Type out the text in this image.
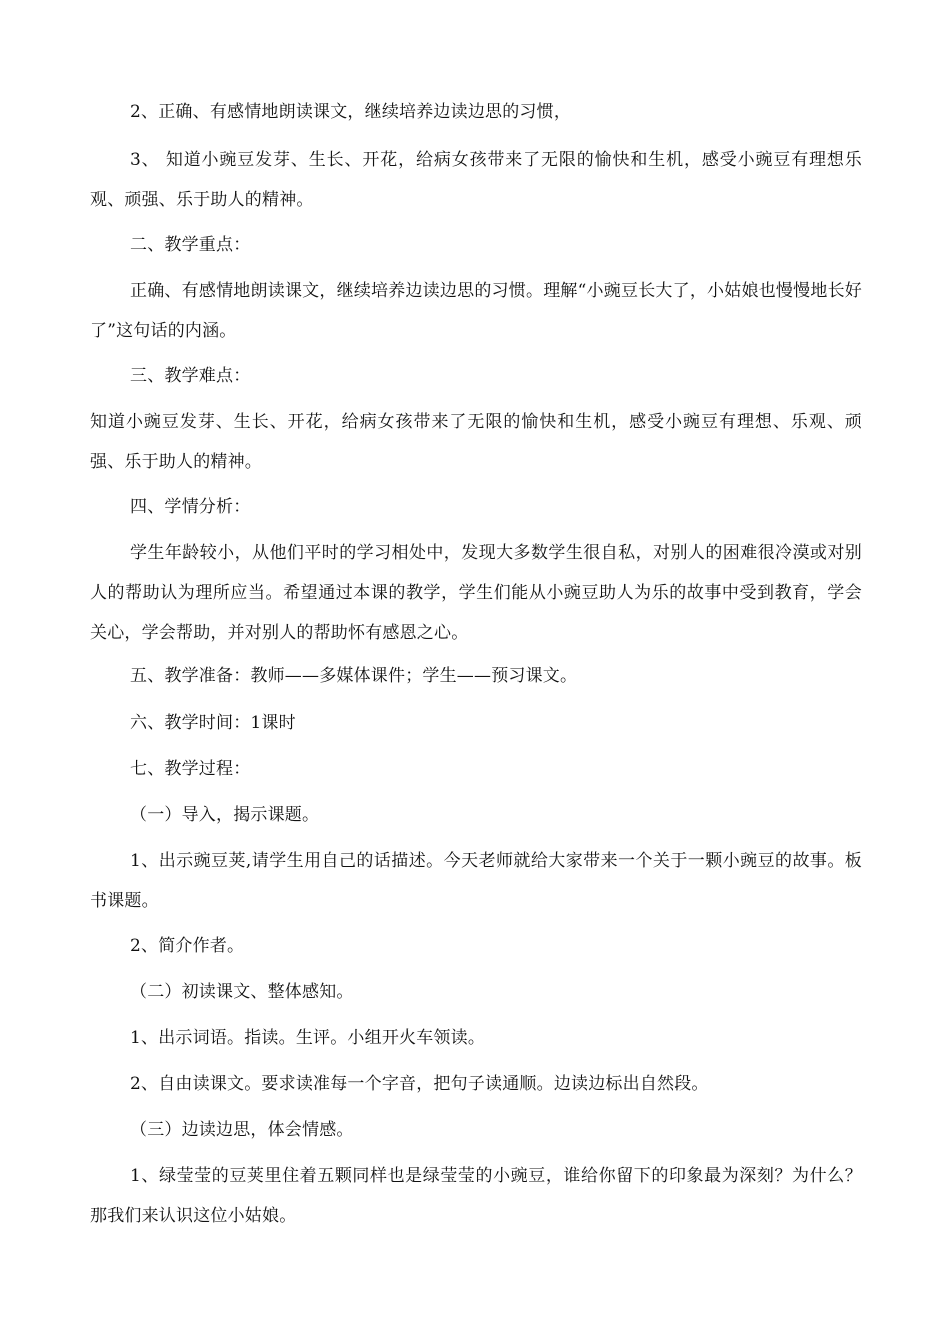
2、正确、有感情地朗读课文，继续培养边读边思的习惯，

3、 知道小豌豆发芽、生长、开花，给病女孩带来了无限的愉快和生机，感受小豌豆有理想乐观、顽强、乐于助人的精神。

二、教学重点：

正确、有感情地朗读课文，继续培养边读边思的习惯。理解“小豌豆长大了，小姑娘也慢慢地长好了”这句话的内涵。

三、教学难点：

知道小豌豆发芽、生长、开花，给病女孩带来了无限的愉快和生机，感受小豌豆有理想、乐观、顽强、乐于助人的精神。

四、学情分析：

学生年龄较小，从他们平时的学习相处中，发现大多数学生很自私，对别人的困难很冷漠或对别人的帮助认为理所应当。希望通过本课的教学，学生们能从小豌豆助人为乐的故事中受到教育，学会关心，学会帮助，并对别人的帮助怀有感恩之心。

五、教学准备：教师——多媒体课件；学生——预习课文。

六、教学时间：1课时

七、教学过程：

（一）导入，揭示课题。

1、出示豌豆荚,请学生用自己的话描述。今天老师就给大家带来一个关于一颗小豌豆的故事。板书课题。

2、简介作者。

（二）初读课文、整体感知。

1、出示词语。指读。生评。小组开火车领读。

2、自由读课文。要求读准每一个字音，把句子读通顺。边读边标出自然段。

（三）边读边思，体会情感。

1、绿莹莹的豆荚里住着五颗同样也是绿莹莹的小豌豆，谁给你留下的印象最为深刻？为什么？那我们来认识这位小姑娘。
